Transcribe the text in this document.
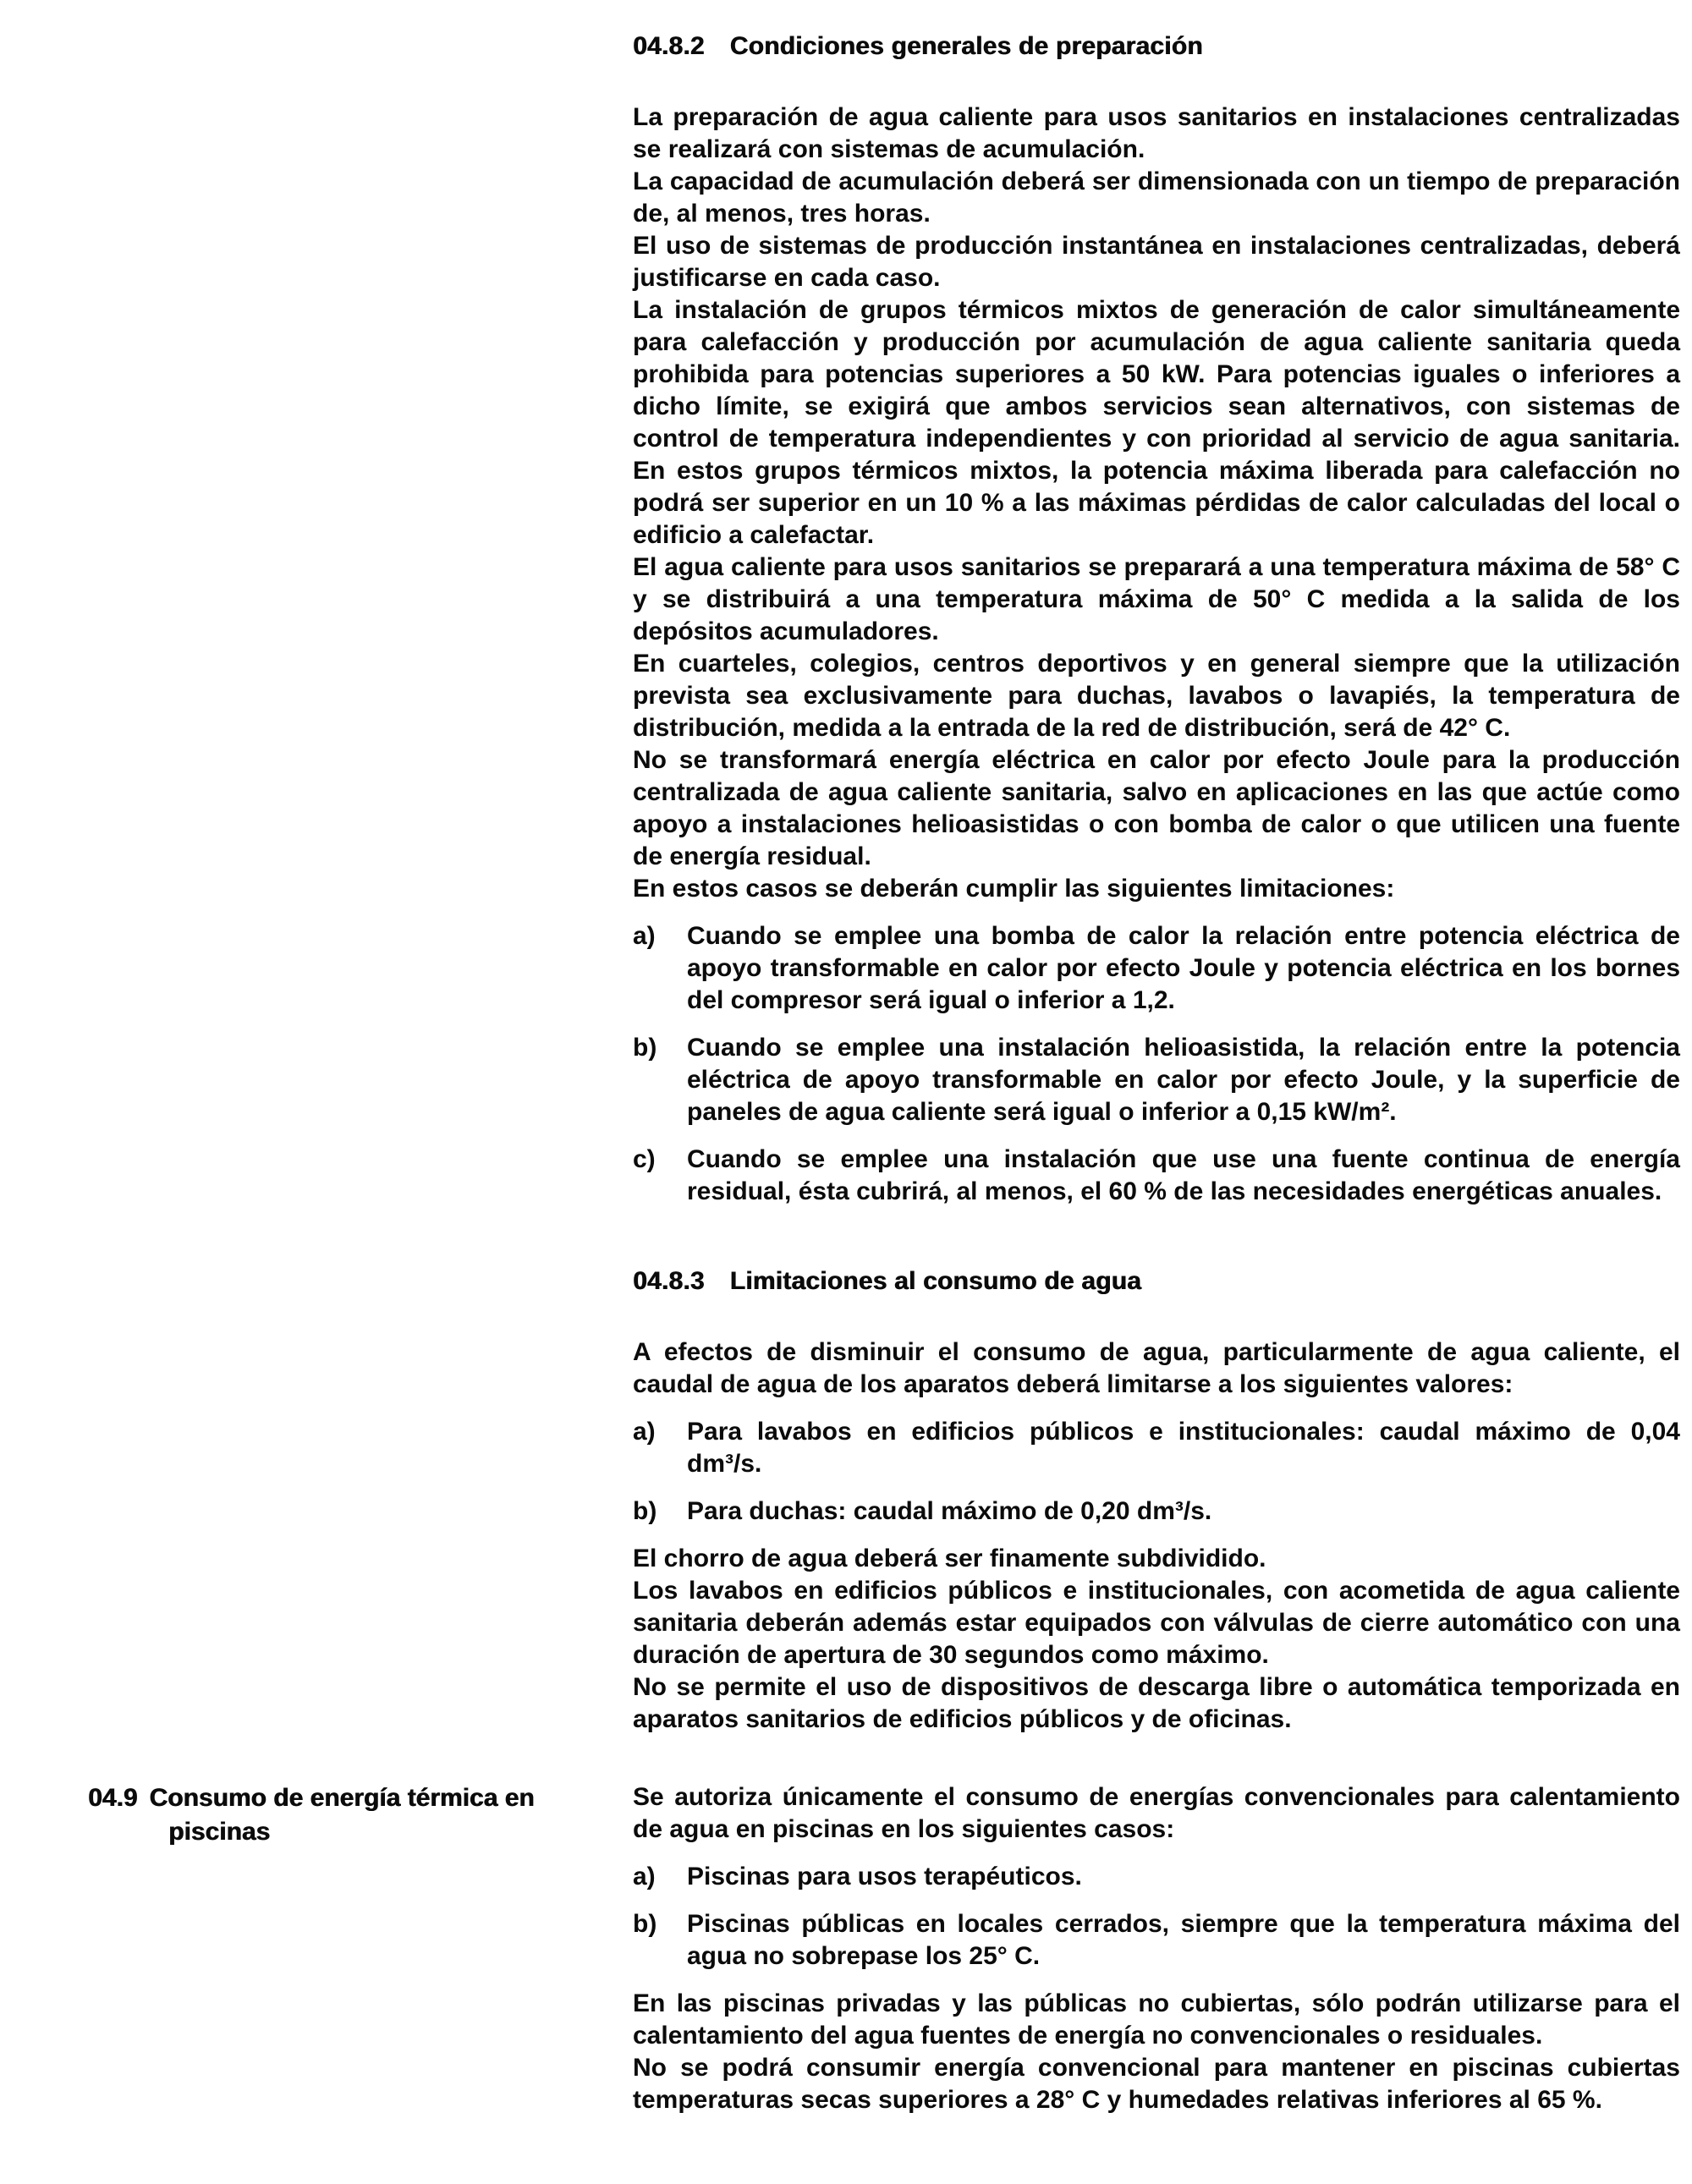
04.8.2 Condiciones generales de preparación

La preparación de agua caliente para usos sanitarios en instalaciones centralizadas se realizará con sistemas de acumulación.

La capacidad de acumulación deberá ser dimensionada con un tiempo de preparación de, al menos, tres horas.

El uso de sistemas de producción instantánea en instalaciones centralizadas, deberá justificarse en cada caso.

La instalación de grupos térmicos mixtos de generación de calor simultáneamente para calefacción y producción por acumulación de agua caliente sanitaria queda prohibida para potencias superiores a 50 kW. Para potencias iguales o inferiores a dicho límite, se exigirá que ambos servicios sean alternativos, con sistemas de control de temperatura independientes y con prioridad al servicio de agua sanitaria. En estos grupos térmicos mixtos, la potencia máxima liberada para calefacción no podrá ser superior en un 10 % a las máximas pérdidas de calor calculadas del local o edificio a calefactar.

El agua caliente para usos sanitarios se preparará a una temperatura máxima de 58° C y se distribuirá a una temperatura máxima de 50° C medida a la salida de los depósitos acumuladores.

En cuarteles, colegios, centros deportivos y en general siempre que la utilización prevista sea exclusivamente para duchas, lavabos o lavapiés, la temperatura de distribución, medida a la entrada de la red de distribución, será de 42° C.

No se transformará energía eléctrica en calor por efecto Joule para la producción centralizada de agua caliente sanitaria, salvo en aplicaciones en las que actúe como apoyo a instalaciones helioasistidas o con bomba de calor o que utilicen una fuente de energía residual.

En estos casos se deberán cumplir las siguientes limitaciones:

a) Cuando se emplee una bomba de calor la relación entre potencia eléctrica de apoyo transformable en calor por efecto Joule y potencia eléctrica en los bornes del compresor será igual o inferior a 1,2.
b) Cuando se emplee una instalación helioasistida, la relación entre la potencia eléctrica de apoyo transformable en calor por efecto Joule, y la superficie de paneles de agua caliente será igual o inferior a 0,15 kW/m².
c) Cuando se emplee una instalación que use una fuente continua de energía residual, ésta cubrirá, al menos, el 60 % de las necesidades energéticas anuales.
04.8.3 Limitaciones al consumo de agua

A efectos de disminuir el consumo de agua, particularmente de agua caliente, el caudal de agua de los aparatos deberá limitarse a los siguientes valores:

a) Para lavabos en edificios públicos e institucionales: caudal máximo de 0,04 dm³/s.
b) Para duchas: caudal máximo de 0,20 dm³/s.

El chorro de agua deberá ser finamente subdividido.

Los lavabos en edificios públicos e institucionales, con acometida de agua caliente sanitaria deberán además estar equipados con válvulas de cierre automático con una duración de apertura de 30 segundos como máximo.

No se permite el uso de dispositivos de descarga libre o automática temporizada en aparatos sanitarios de edificios públicos y de oficinas.

04.9 Consumo de energía térmica en piscinas

Se autoriza únicamente el consumo de energías convencionales para calentamiento de agua en piscinas en los siguientes casos:

a) Piscinas para usos terapéuticos.
b) Piscinas públicas en locales cerrados, siempre que la temperatura máxima del agua no sobrepase los 25° C.

En las piscinas privadas y las públicas no cubiertas, sólo podrán utilizarse para el calentamiento del agua fuentes de energía no convencionales o residuales.

No se podrá consumir energía convencional para mantener en piscinas cubiertas temperaturas secas superiores a 28° C y humedades relativas inferiores al 65 %.
